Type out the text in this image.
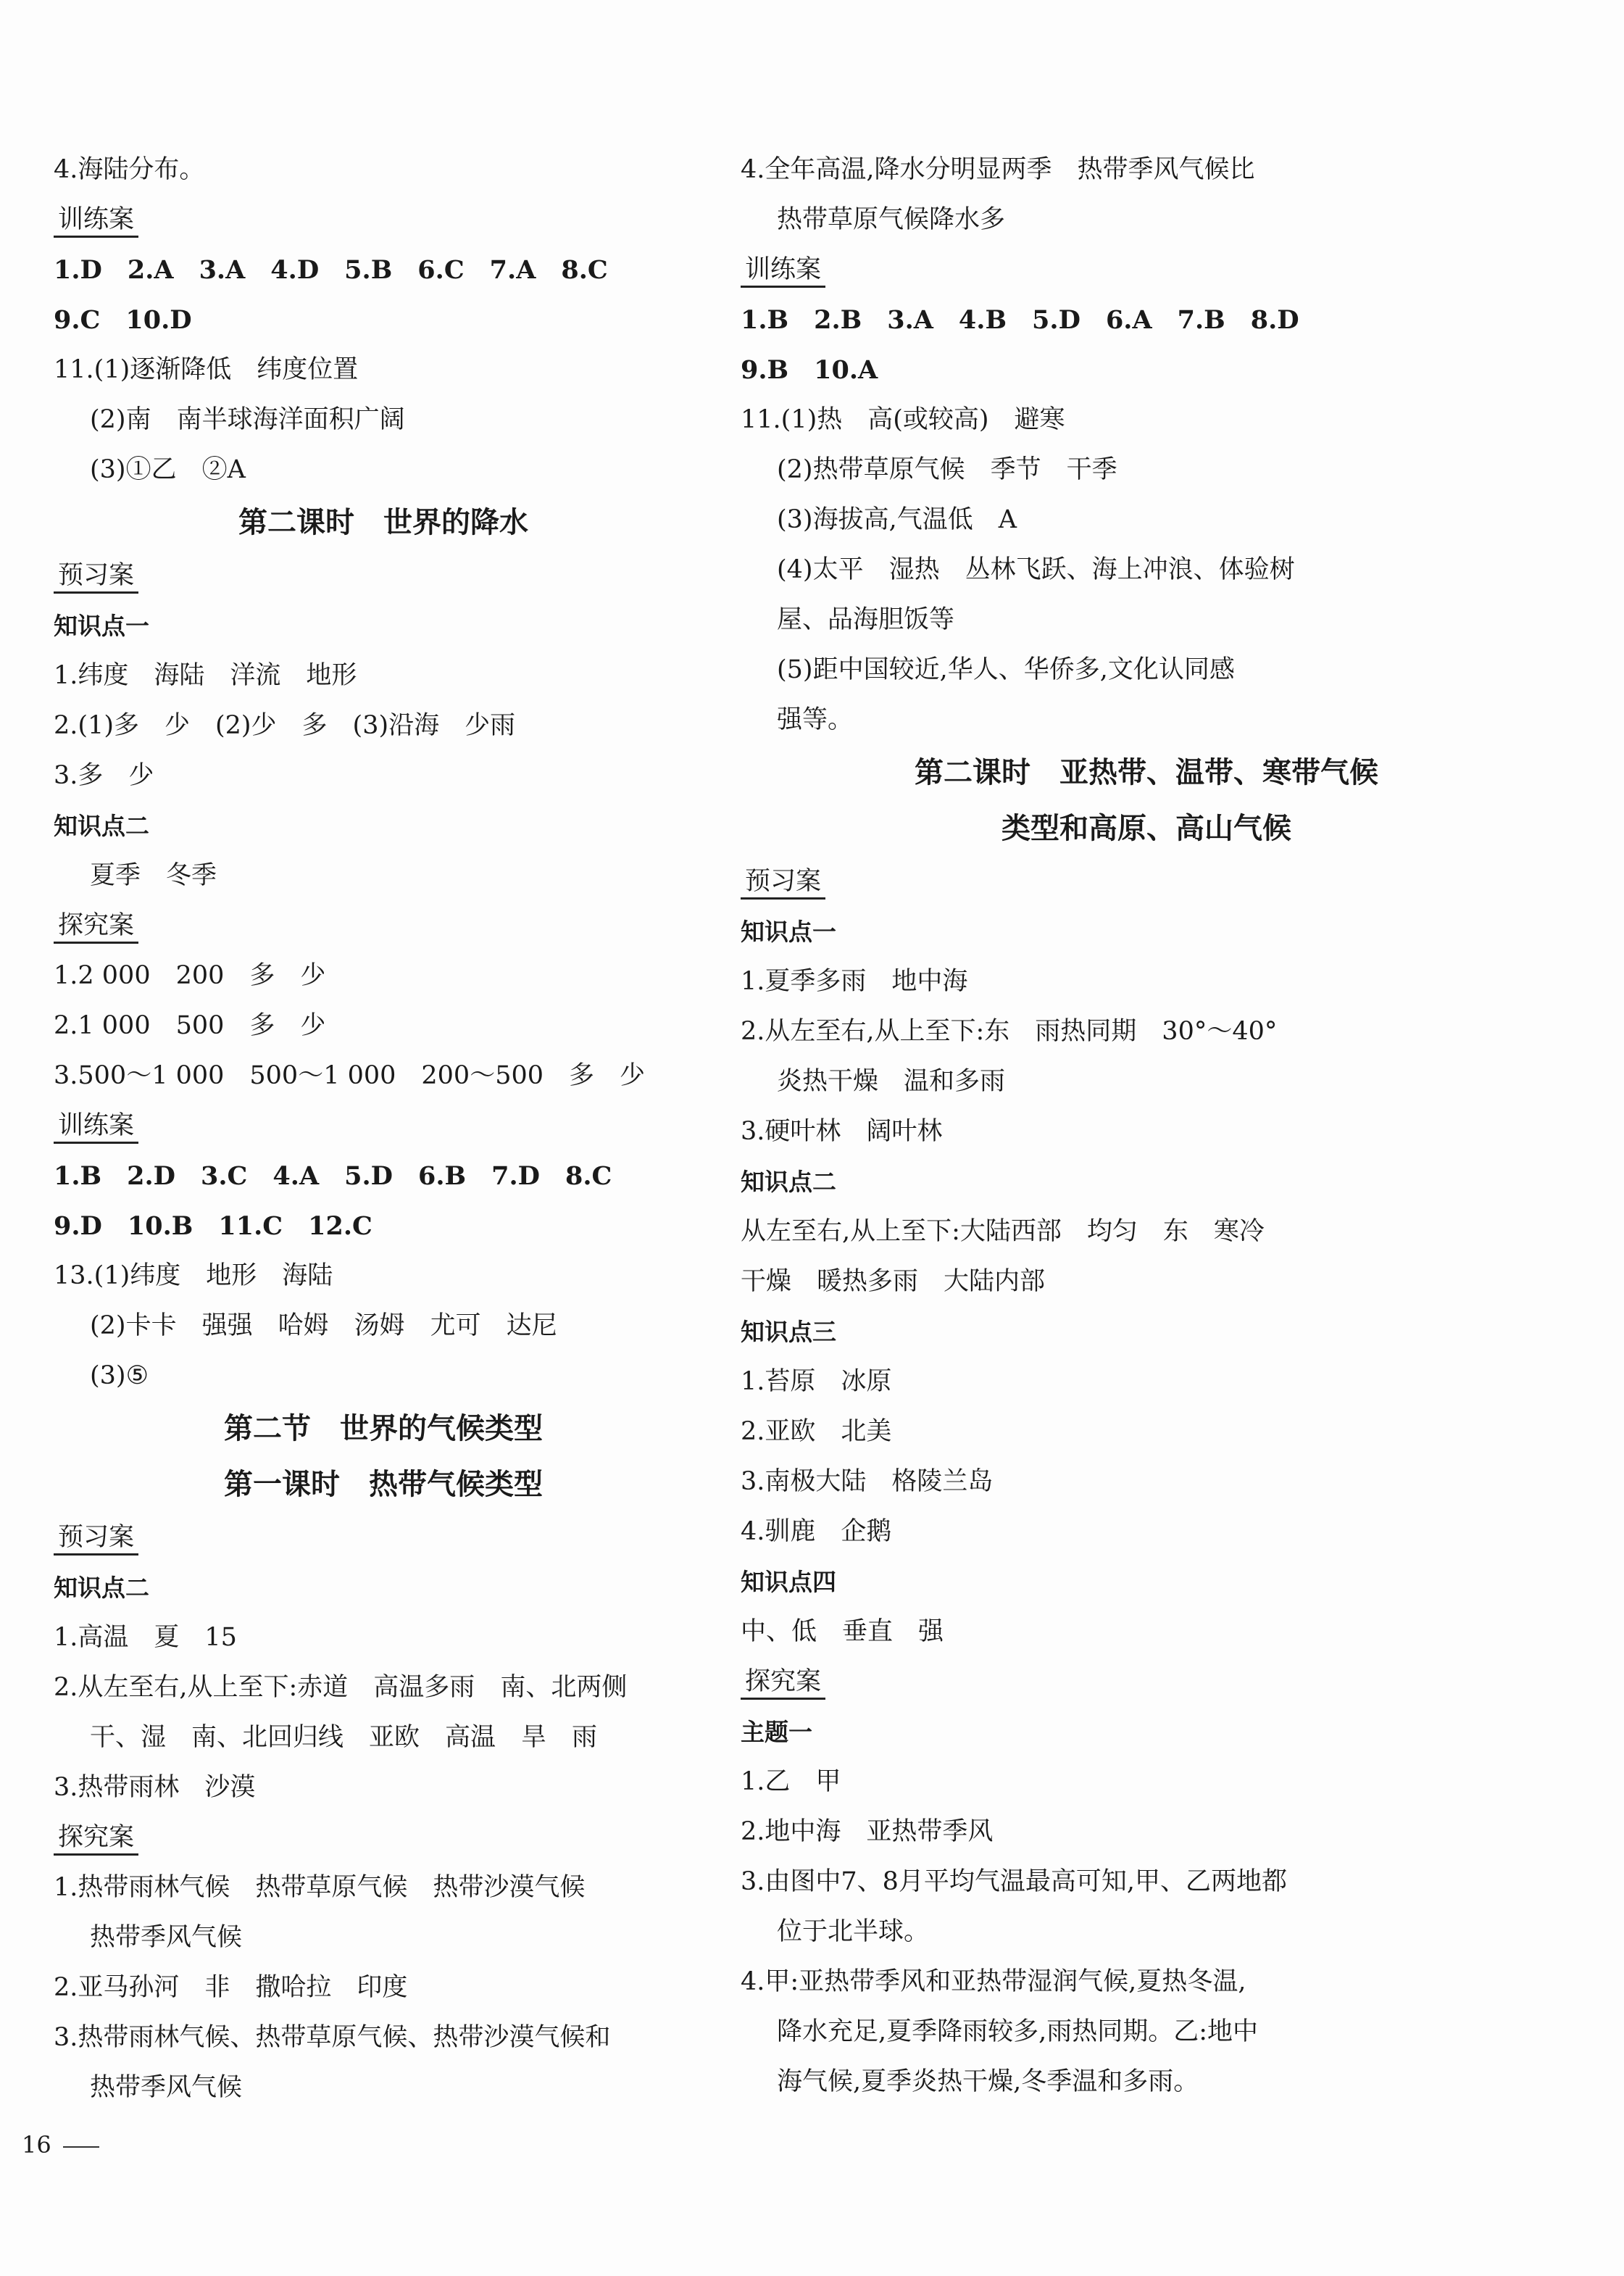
4.海陆分布。
训练案
1.D　2.A　3.A　4.D　5.B　6.C　7.A　8.C
9.C　10.D
11.(1)逐渐降低　纬度位置
(2)南　南半球海洋面积广阔
(3)①乙　②A
第二课时　世界的降水
预习案
知识点一
1.纬度　海陆　洋流　地形
2.(1)多　少　(2)少　多　(3)沿海　少雨
3.多　少
知识点二
夏季　冬季
探究案
1.2 000　200　多　少
2.1 000　500　多　少
3.500～1 000　500～1 000　200～500　多　少
训练案
1.B　2.D　3.C　4.A　5.D　6.B　7.D　8.C
9.D　10.B　11.C　12.C
13.(1)纬度　地形　海陆
(2)卡卡　强强　哈姆　汤姆　尤可　达尼
(3)⑤
第二节　世界的气候类型
第一课时　热带气候类型
预习案
知识点二
1.高温　夏　15
2.从左至右,从上至下:赤道　高温多雨　南、北两侧
干、湿　南、北回归线　亚欧　高温　旱　雨
3.热带雨林　沙漠
探究案
1.热带雨林气候　热带草原气候　热带沙漠气候
热带季风气候
2.亚马孙河　非　撒哈拉　印度
3.热带雨林气候、热带草原气候、热带沙漠气候和
热带季风气候
4.全年高温,降水分明显两季　热带季风气候比
热带草原气候降水多
训练案
1.B　2.B　3.A　4.B　5.D　6.A　7.B　8.D
9.B　10.A
11.(1)热　高(或较高)　避寒
(2)热带草原气候　季节　干季
(3)海拔高,气温低　A
(4)太平　湿热　丛林飞跃、海上冲浪、体验树
屋、品海胆饭等
(5)距中国较近,华人、华侨多,文化认同感
强等。
第二课时　亚热带、温带、寒带气候
类型和高原、高山气候
预习案
知识点一
1.夏季多雨　地中海
2.从左至右,从上至下:东　雨热同期　30°～40°
炎热干燥　温和多雨
3.硬叶林　阔叶林
知识点二
从左至右,从上至下:大陆西部　均匀　东　寒冷
干燥　暖热多雨　大陆内部
知识点三
1.苔原　冰原
2.亚欧　北美
3.南极大陆　格陵兰岛
4.驯鹿　企鹅
知识点四
中、低　垂直　强
探究案
主题一
1.乙　甲
2.地中海　亚热带季风
3.由图中7、8月平均气温最高可知,甲、乙两地都
位于北半球。
4.甲:亚热带季风和亚热带湿润气候,夏热冬温,
降水充足,夏季降雨较多,雨热同期。乙:地中
海气候,夏季炎热干燥,冬季温和多雨。
16
